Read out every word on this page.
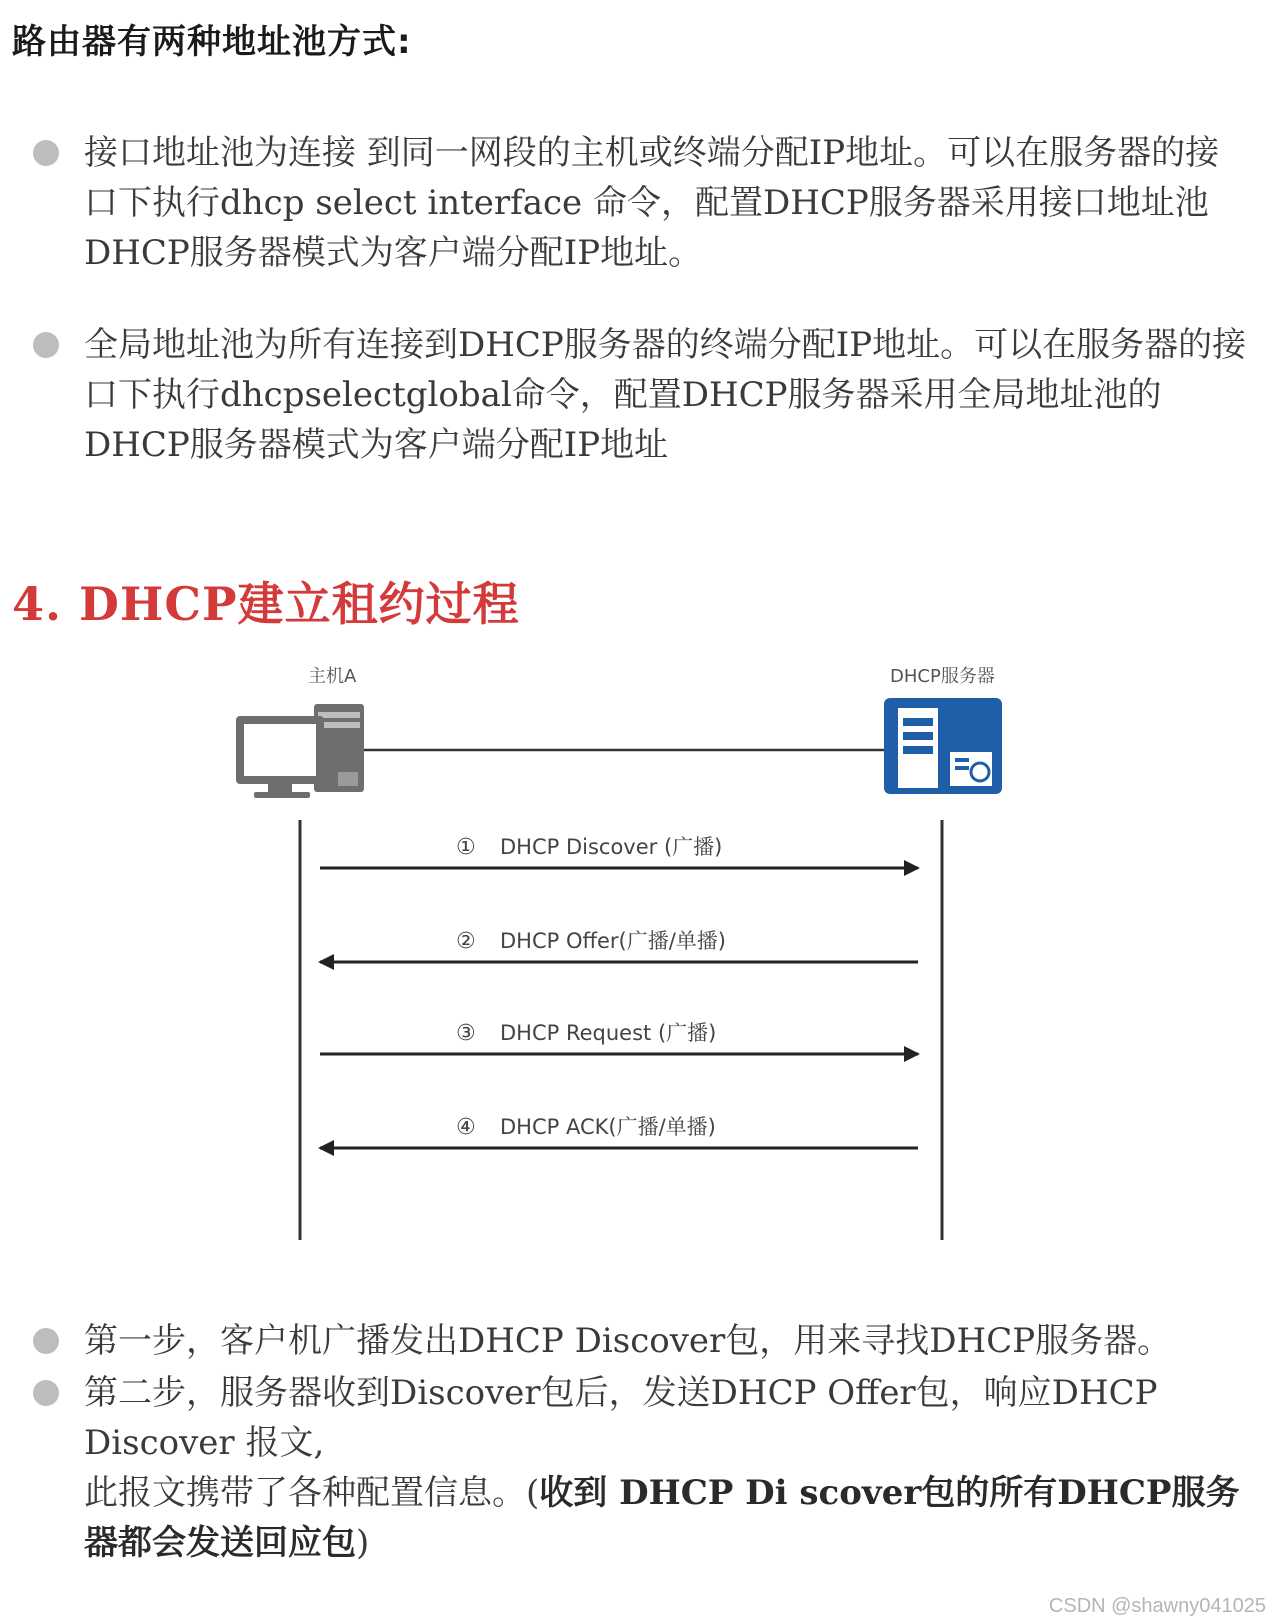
路由器有两种地址池方式:
接口地址池为连接 到同一网段的主机或终端分配IP地址。可以在服务器的接口下执行dhcp select interface 命令，配置DHCP服务器采用接口地址池DHCP服务器模式为客户端分配IP地址。
全局地址池为所有连接到DHCP服务器的终端分配IP地址。可以在服务器的接口下执行dhcpselectglobal命令，配置DHCP服务器采用全局地址池的DHCP服务器模式为客户端分配IP地址
4. DHCP建立租约过程
主机A	DHCP服务器
① DHCP Discover (广播)
② DHCP Offer(广播/单播)
③ DHCP Request (广播)
④ DHCP ACK(广播/单播)
第一步，客户机广播发出DHCP Discover包，用来寻找DHCP服务器。
第二步，服务器收到Discover包后，发送DHCP Offer包，响应DHCP Discover 报文,
此报文携带了各种配置信息。(收到 DHCP Di scover包的所有DHCP服务器都会发送回应包)
CSDN @shawny041025
